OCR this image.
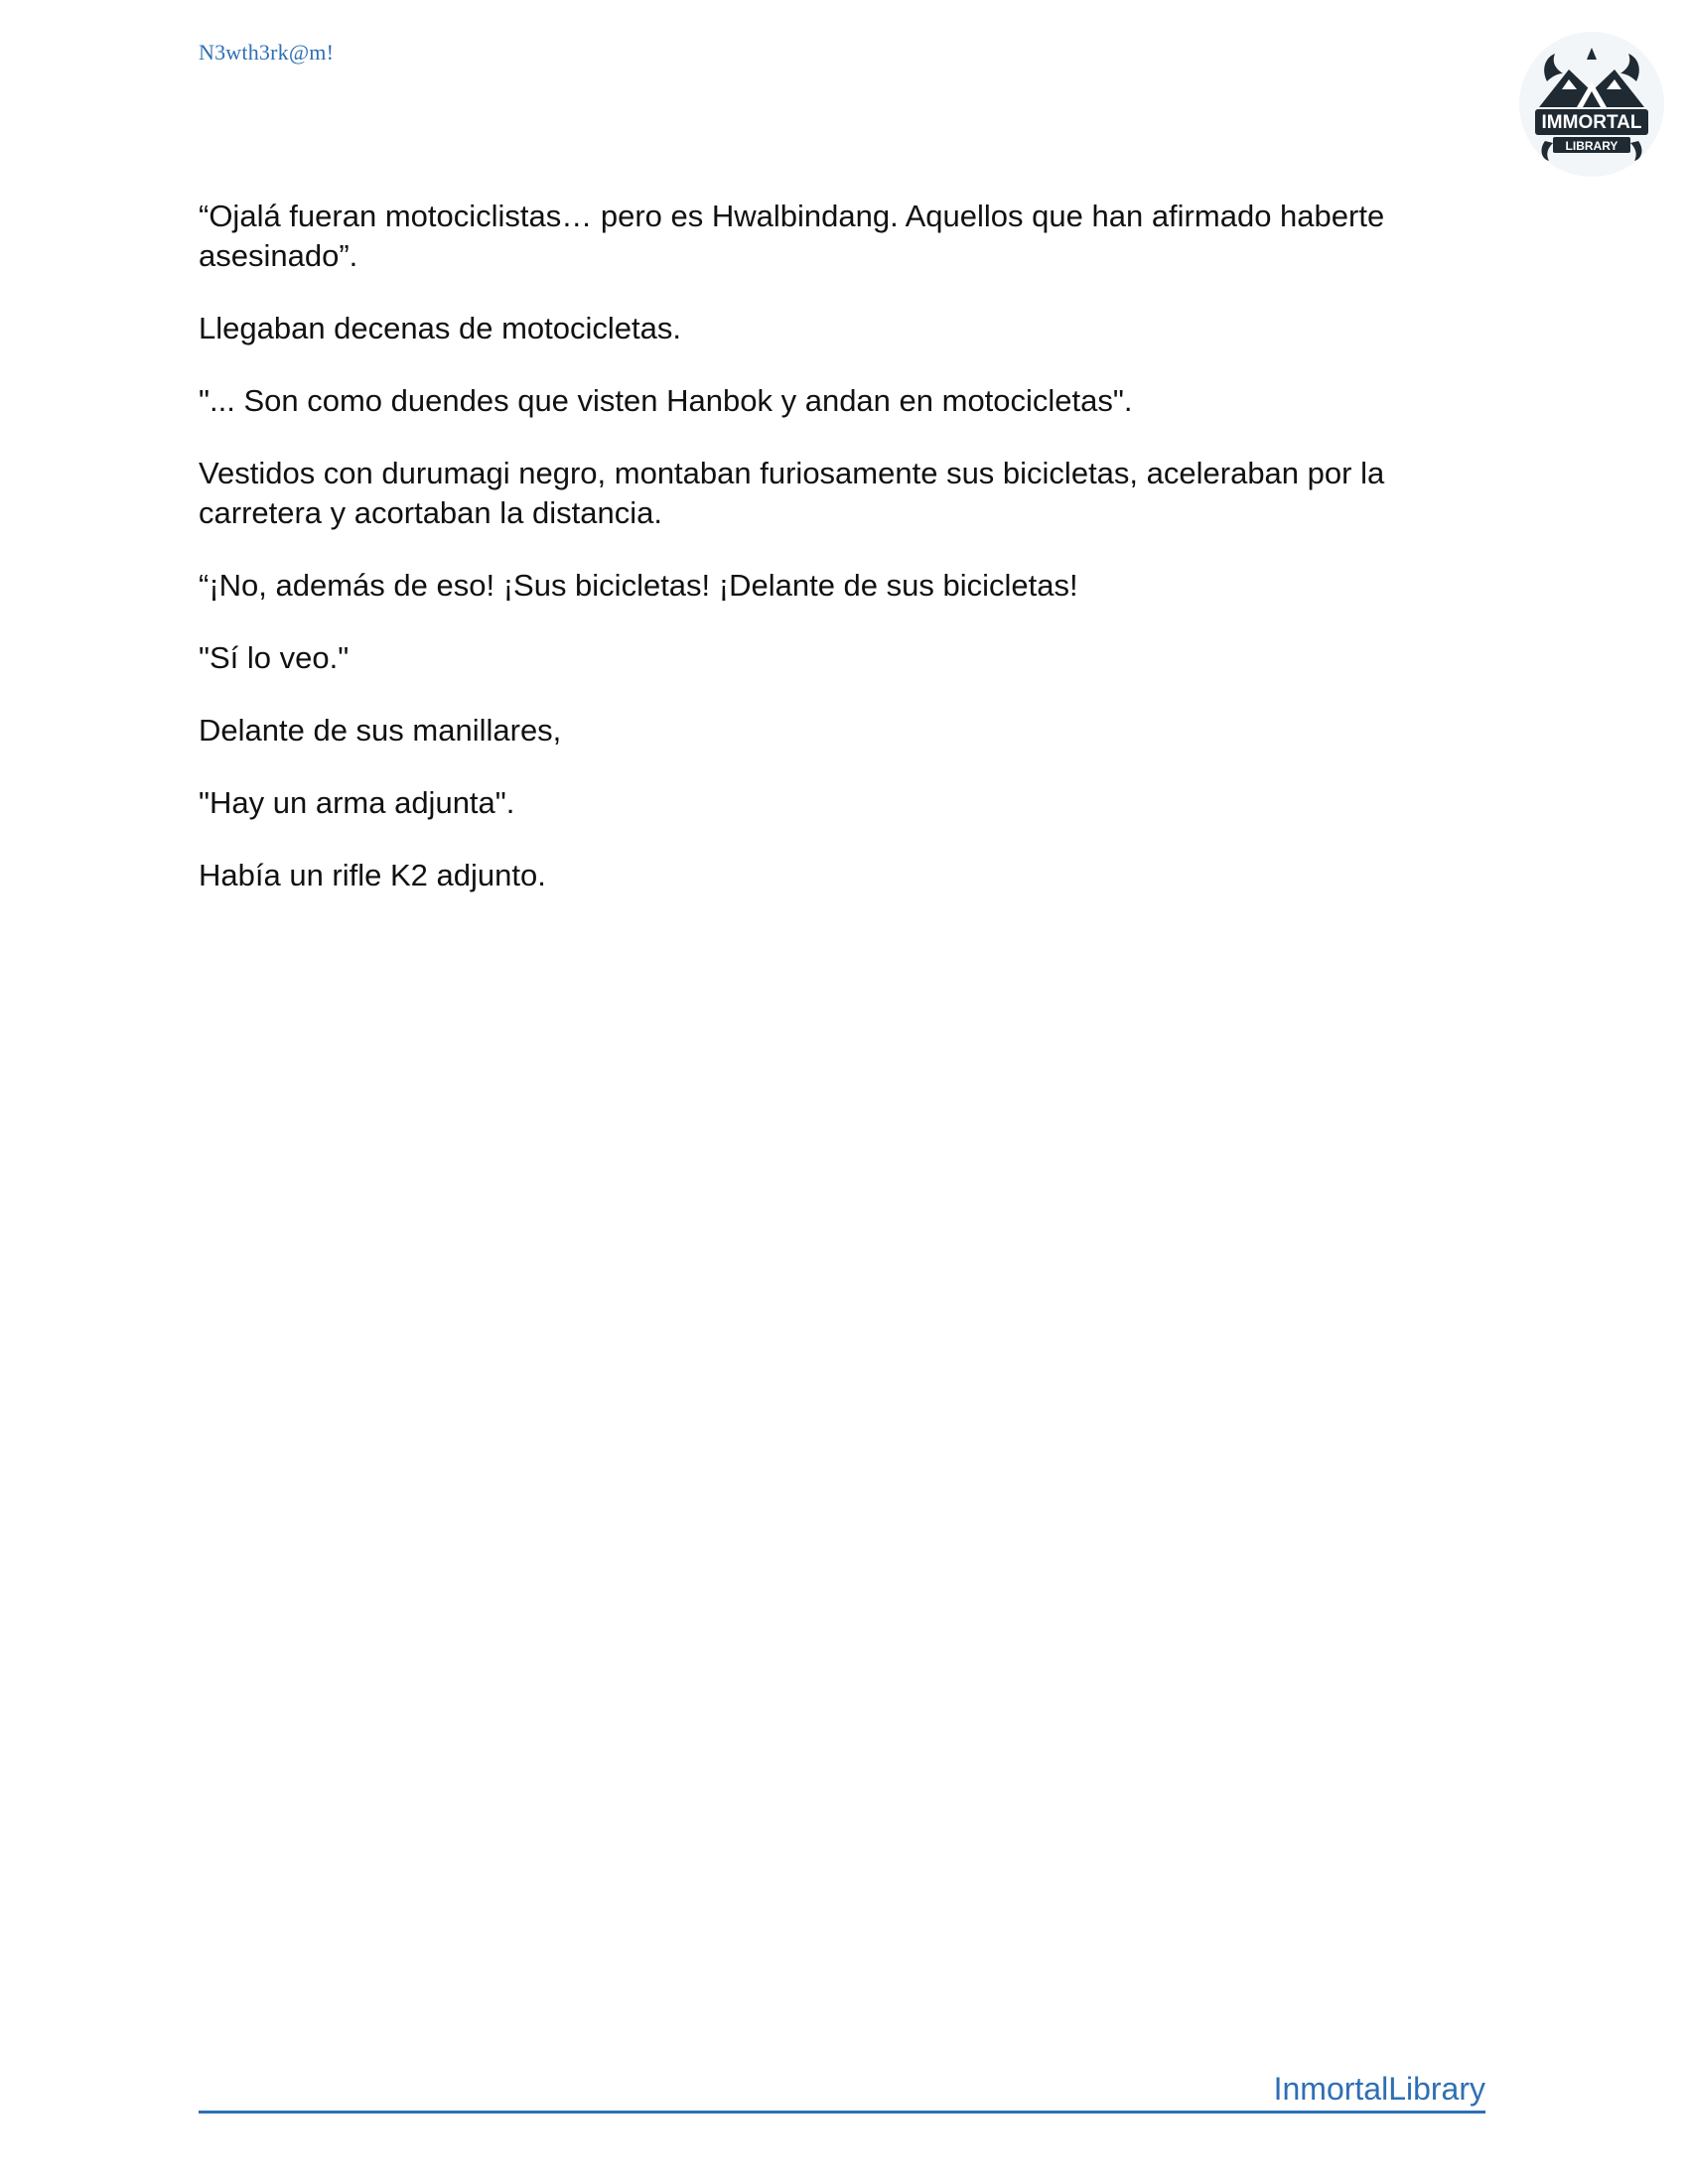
N3wth3rk@m!
IMMORTAL
LIBRARY

“Ojalá fueran motociclistas… pero es Hwalbindang. Aquellos que han afirmado haberte asesinado”.

Llegaban decenas de motocicletas.

"... Son como duendes que visten Hanbok y andan en motocicletas".

Vestidos con durumagi negro, montaban furiosamente sus bicicletas, aceleraban por la carretera y acortaban la distancia.

“¡No, además de eso! ¡Sus bicicletas! ¡Delante de sus bicicletas!

"Sí lo veo."

Delante de sus manillares,

"Hay un arma adjunta".

Había un rifle K2 adjunto.

InmortalLibrary
